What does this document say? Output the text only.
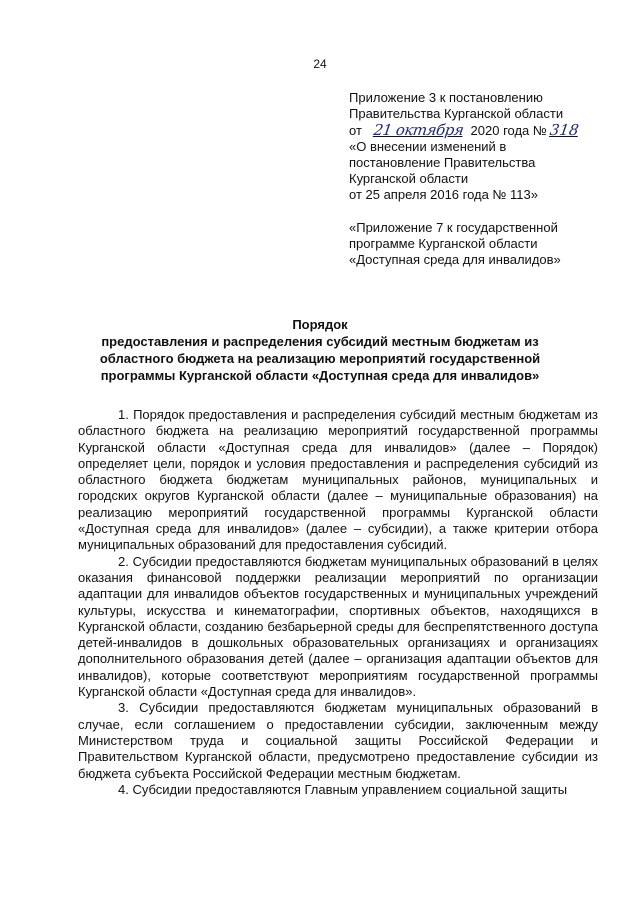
24
Приложение 3 к постановлению
Правительства Курганской области
от 21 октября 2020 года № 318
«О внесении изменений в
постановление Правительства
Курганской области
от 25 апреля 2016 года № 113»
«Приложение 7 к государственной
программе Курганской области
«Доступная среда для инвалидов»
Порядок
предоставления и распределения субсидий местным бюджетам из
областного бюджета на реализацию мероприятий государственной
программы Курганской области «Доступная среда для инвалидов»

1. Порядок предоставления и распределения субсидий местным бюджетам из областного бюджета на реализацию мероприятий государственной программы Курганской области «Доступная среда для инвалидов» (далее – Порядок) определяет цели, порядок и условия предоставления и распределения субсидий из областного бюджета бюджетам муниципальных районов, муниципальных и городских округов Курганской области (далее – муниципальные образования) на реализацию мероприятий государственной программы Курганской области «Доступная среда для инвалидов» (далее – субсидии), а также критерии отбора муниципальных образований для предоставления субсидий.

2. Субсидии предоставляются бюджетам муниципальных образований в целях оказания финансовой поддержки реализации мероприятий по организации адаптации для инвалидов объектов государственных и муниципальных учреждений культуры, искусства и кинематографии, спортивных объектов, находящихся в Курганской области, созданию безбарьерной среды для беспрепятственного доступа детей-инвалидов в дошкольных образовательных организациях и организациях дополнительного образования детей (далее – организация адаптации объектов для инвалидов), которые соответствуют мероприятиям государственной программы Курганской области «Доступная среда для инвалидов».

3. Субсидии предоставляются бюджетам муниципальных образований в случае, если соглашением о предоставлении субсидии, заключенным между Министерством труда и социальной защиты Российской Федерации и Правительством Курганской области, предусмотрено предоставление субсидии из бюджета субъекта Российской Федерации местным бюджетам.

4. Субсидии предоставляются Главным управлением социальной защиты
